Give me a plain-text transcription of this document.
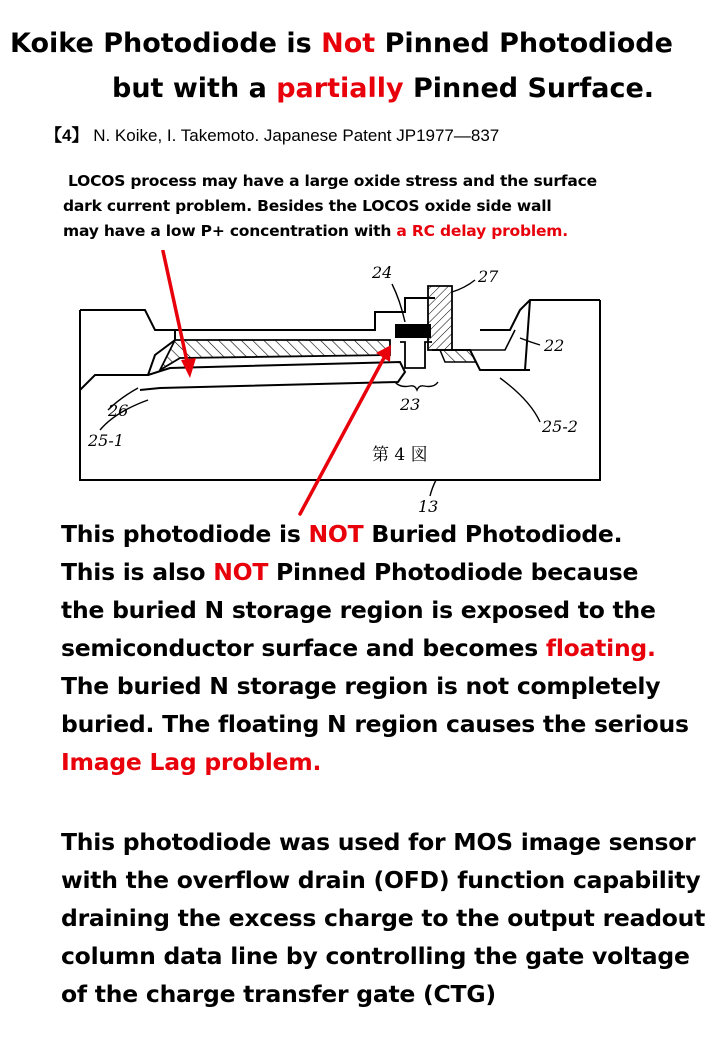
Koike Photodiode is Not Pinned Photodiode
but with a partially Pinned Surface.
【4】 N. Koike, I. Takemoto. Japanese Patent JP1977—837
LOCOS process may have a large oxide stress and the surface
dark current problem. Besides the LOCOS oxide side wall
may have a low P+ concentration with a RC delay problem.
24	27
22
23
26
25-1
25-2
13
第 4 図
This photodiode is NOT Buried Photodiode.
This is also NOT Pinned Photodiode because
the buried N storage region is exposed to the
semiconductor surface and becomes floating.
The buried N storage region is not completely
buried. The floating N region causes the serious
Image Lag problem.
This photodiode was used for MOS image sensor
with the overflow drain (OFD) function capability
draining the excess charge to the output readout
column data line by controlling the gate voltage
of the charge transfer gate (CTG)
